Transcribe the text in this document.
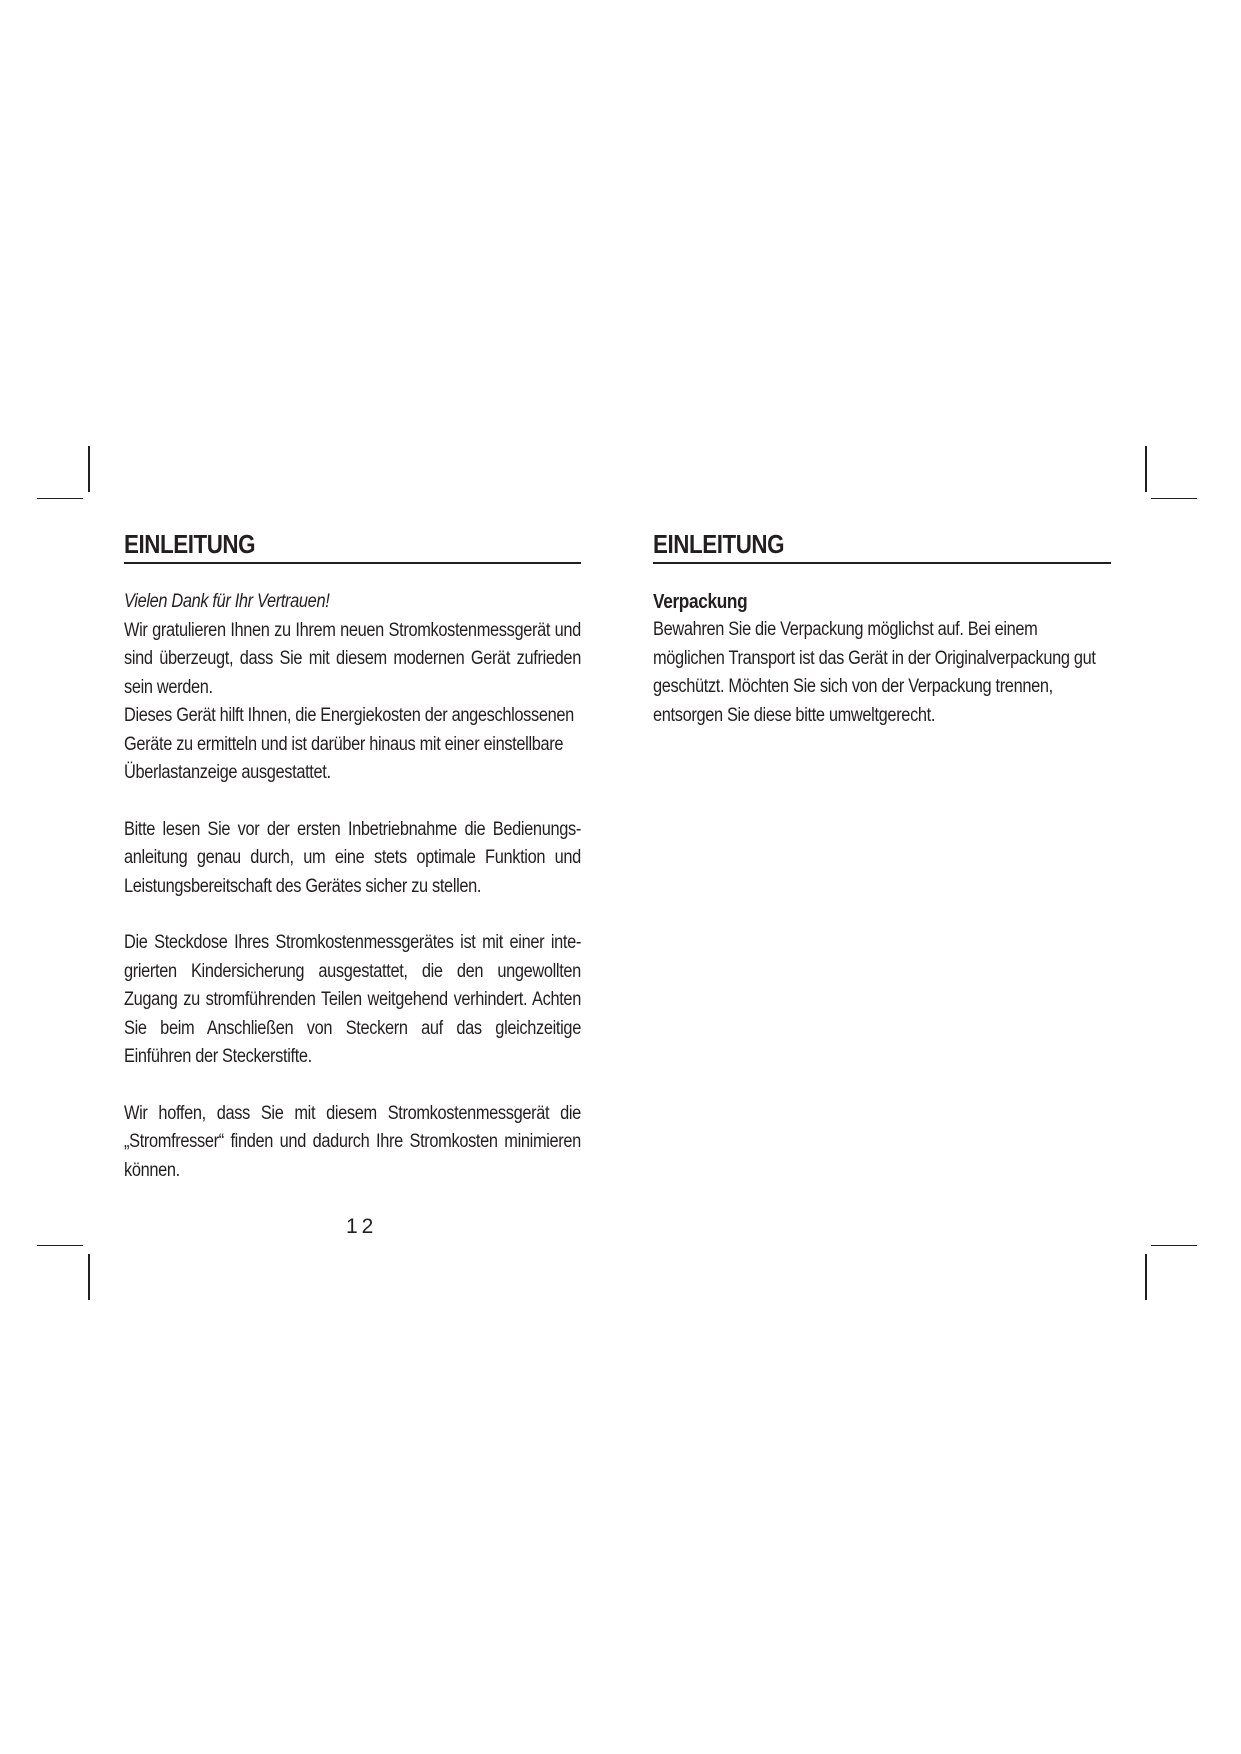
EINLEITUNG

Vielen Dank für Ihr Vertrauen!

Wir gratulieren Ihnen zu Ihrem neuen Stromkostenmessgerät und sind überzeugt, dass Sie mit diesem modernen Gerät zufrieden sein werden.

Dieses Gerät hilft Ihnen, die Energiekosten der angeschlossenen Geräte zu ermitteln und ist darüber hinaus mit einer einstellbare Überlastanzeige ausgestattet.

Bitte lesen Sie vor der ersten Inbetriebnahme die Bedienungs-anleitung genau durch, um eine stets optimale Funktion und Leistungsbereitschaft des Gerätes sicher zu stellen.

Die Steckdose Ihres Stromkostenmessgerätes ist mit einer inte-grierten Kindersicherung ausgestattet, die den ungewollten Zugang zu stromführenden Teilen weitgehend verhindert. Achten Sie beim Anschließen von Steckern auf das gleichzeitige Einführen der Steckerstifte.

Wir hoffen, dass Sie mit diesem Stromkostenmessgerät die „Stromfresser“ finden und dadurch Ihre Stromkosten minimieren können.

12

EINLEITUNG

Verpackung

Bewahren Sie die Verpackung möglichst auf. Bei einem möglichen Transport ist das Gerät in der Originalverpackung gut geschützt. Möchten Sie sich von der Verpackung trennen, entsorgen Sie diese bitte umweltgerecht.
